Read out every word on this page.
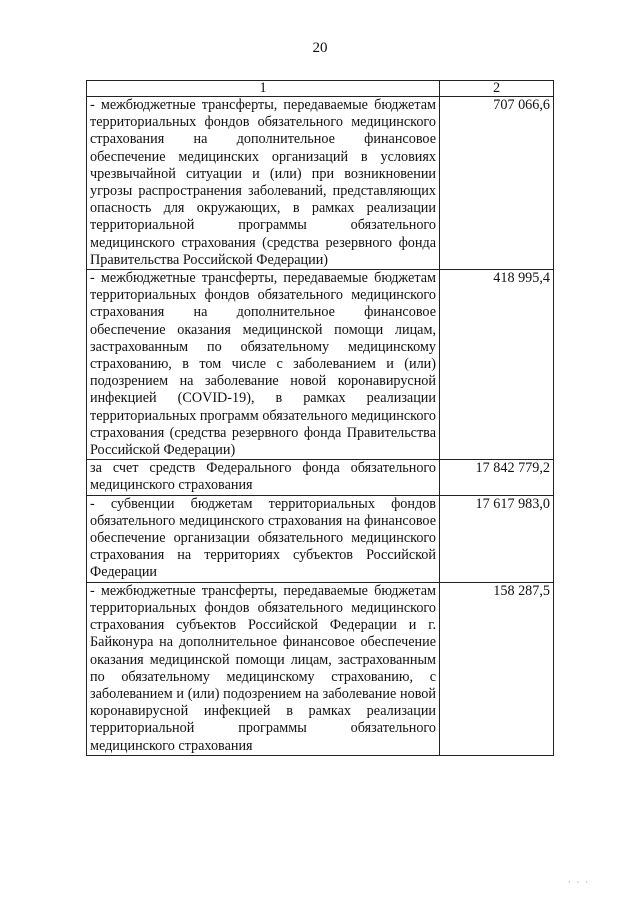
20
1	2

- межбюджетные трансферты, передаваемые бюджетам территориальных фондов обязательного медицинского страхования на дополнительное финансовое обеспечение медицинских организаций в условиях чрезвычайной ситуации и (или) при возникновении угрозы распространения заболеваний, представляющих опасность для окружающих, в рамках реализации территориальной программы обязательного медицинского страхования (средства резервного фонда Правительства Российской Федерации)	707 066,6

- межбюджетные трансферты, передаваемые бюджетам территориальных фондов обязательного медицинского страхования на дополнительное финансовое обеспечение оказания медицинской помощи лицам, застрахованным по обязательному медицинскому страхованию, в том числе с заболеванием и (или) подозрением на заболевание новой коронавирусной инфекцией (COVID-19), в рамках реализации территориальных программ обязательного медицинского страхования (средства резервного фонда Правительства Российской Федерации)	418 995,4

за счет средств Федерального фонда обязательного медицинского страхования	17 842 779,2

- субвенции бюджетам территориальных фондов обязательного медицинского страхования на финансовое обеспечение организации обязательного медицинского страхования на территориях субъектов Российской Федерации	17 617 983,0

- межбюджетные трансферты, передаваемые бюджетам территориальных фондов обязательного медицинского страхования субъектов Российской Федерации и г. Байконура на дополнительное финансовое обеспечение оказания медицинской помощи лицам, застрахованным по обязательному медицинскому страхованию, с заболеванием и (или) подозрением на заболевание новой коронавирусной инфекцией в рамках реализации территориальной программы обязательного медицинского страхования	158 287,5
· · ·
